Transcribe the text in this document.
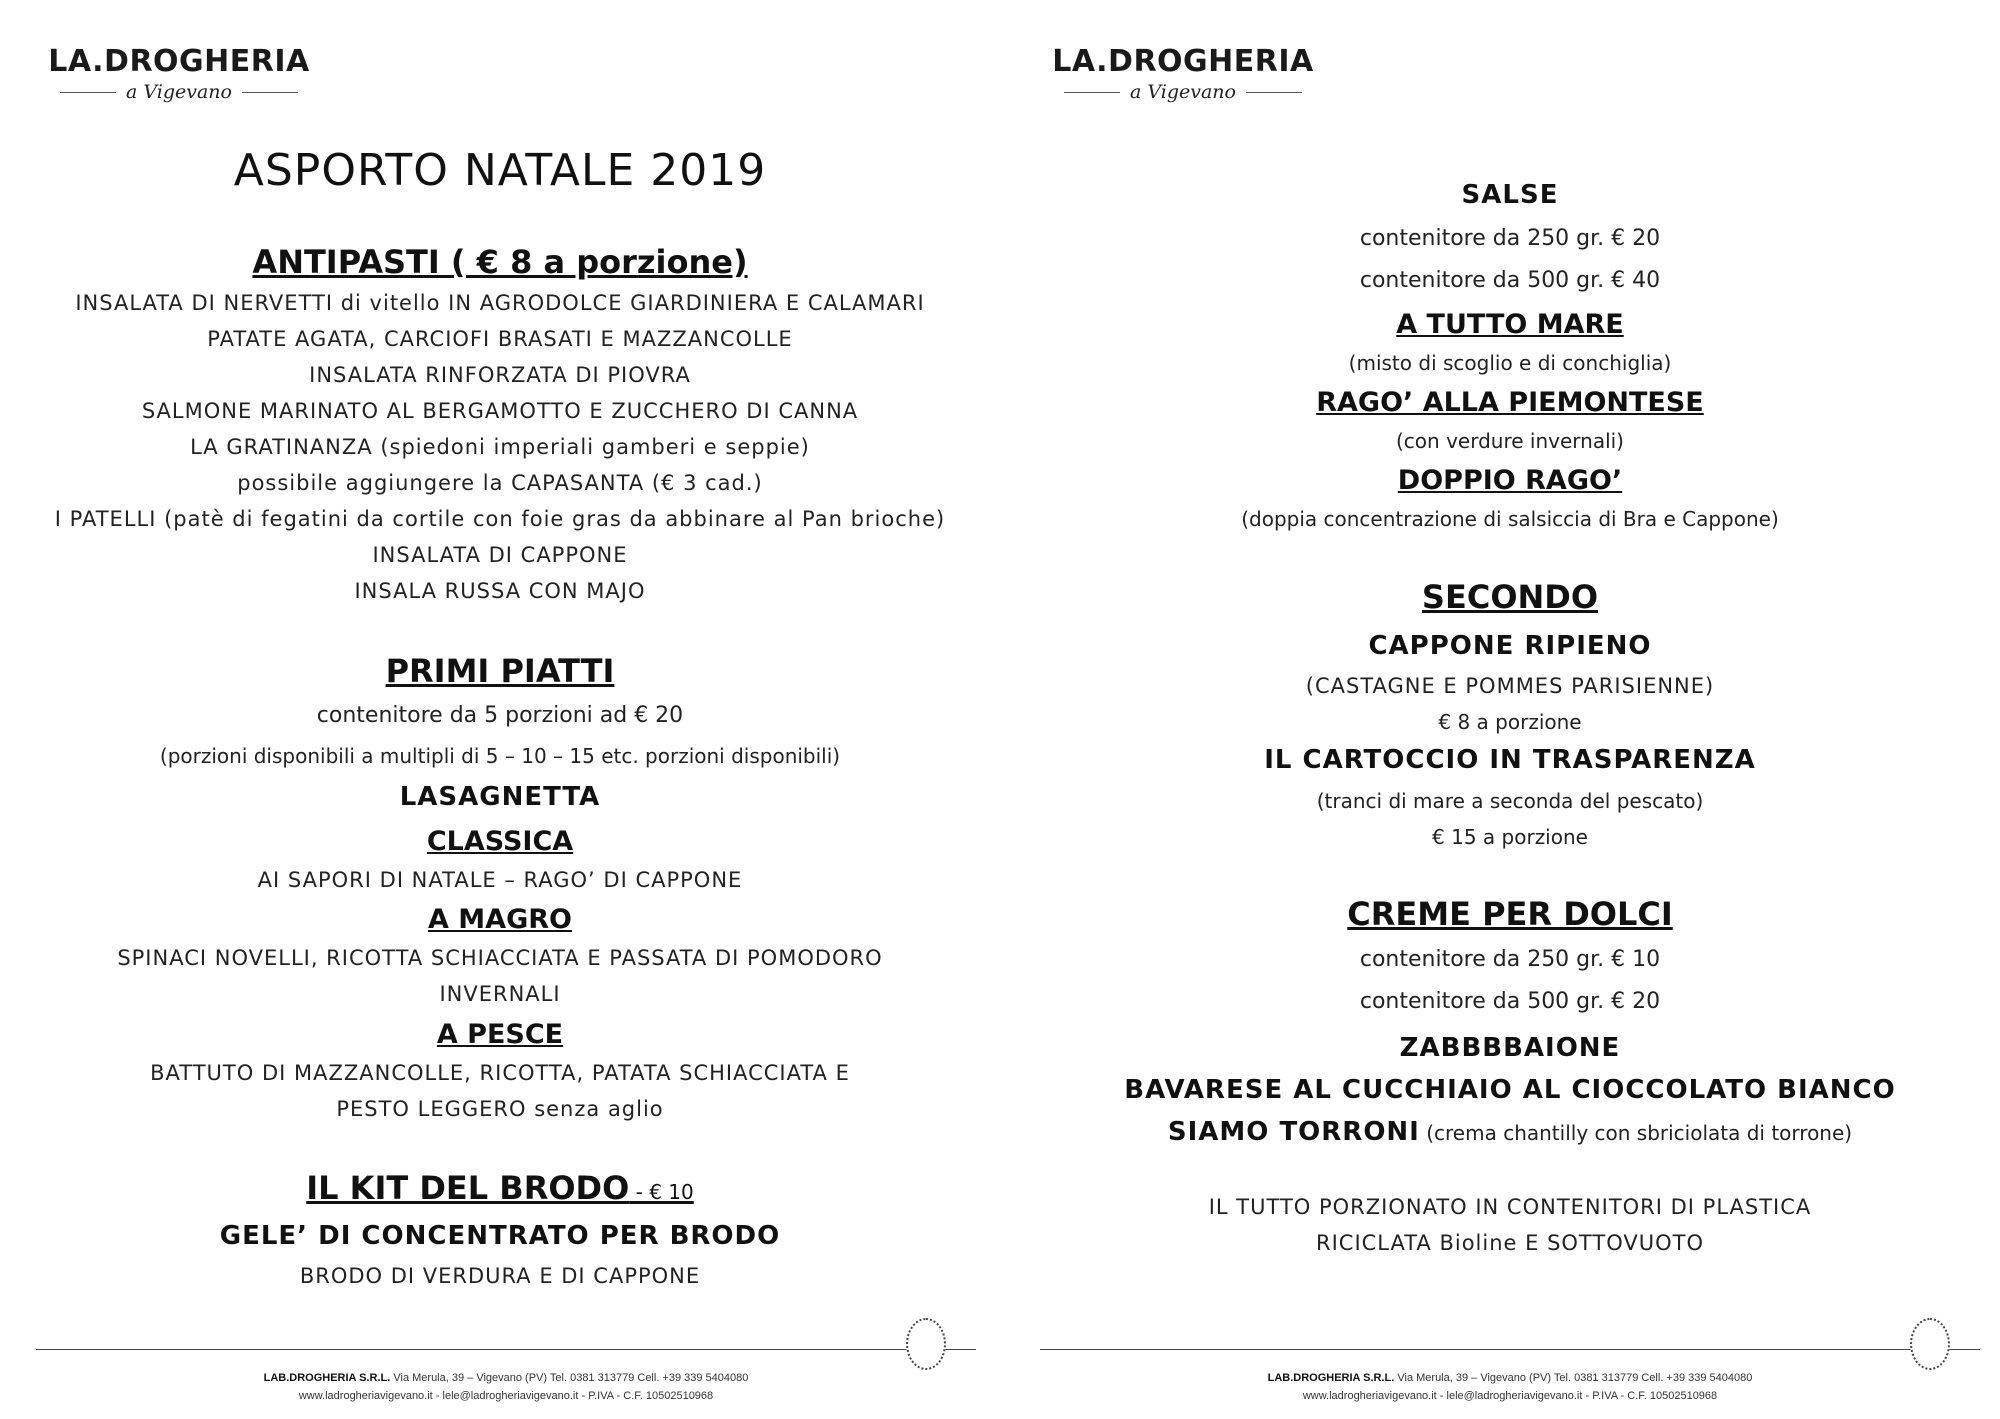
LA.DROGHERIA
a Vigevano
ASPORTO NATALE 2019
ANTIPASTI ( € 8 a porzione)
INSALATA DI NERVETTI di vitello IN AGRODOLCE GIARDINIERA E CALAMARI
PATATE AGATA, CARCIOFI BRASATI E MAZZANCOLLE
INSALATA RINFORZATA DI PIOVRA
SALMONE MARINATO AL BERGAMOTTO E ZUCCHERO DI CANNA
LA GRATINANZA (spiedoni imperiali gamberi e seppie)
possibile aggiungere la CAPASANTA (€ 3 cad.)
I PATELLI (patè di fegatini da cortile con foie gras da abbinare al Pan brioche)
INSALATA DI CAPPONE
INSALA RUSSA CON MAJO
PRIMI PIATTI
contenitore da 5 porzioni ad € 20
(porzioni disponibili a multipli di 5 – 10 – 15 etc. porzioni disponibili)
LASAGNETTA
CLASSICA
AI SAPORI DI NATALE – RAGO’ DI CAPPONE
A MAGRO
SPINACI NOVELLI, RICOTTA SCHIACCIATA E PASSATA DI POMODORO
INVERNALI
A PESCE
BATTUTO DI MAZZANCOLLE, RICOTTA, PATATA SCHIACCIATA E
PESTO LEGGERO senza aglio
IL KIT DEL BRODO - € 10
GELE’ DI CONCENTRATO PER BRODO
BRODO DI VERDURA E DI CAPPONE
LAB.DROGHERIA S.R.L. Via Merula, 39 – Vigevano (PV) Tel. 0381 313779 Cell. +39 339 5404080
www.ladrogheriavigevano.it - lele@ladrogheriavigevano.it - P.IVA - C.F. 10502510968
LA.DROGHERIA
a Vigevano
SALSE
contenitore da 250 gr. € 20
contenitore da 500 gr. € 40
A TUTTO MARE
(misto di scoglio e di conchiglia)
RAGO’ ALLA PIEMONTESE
(con verdure invernali)
DOPPIO RAGO’
(doppia concentrazione di salsiccia di Bra e Cappone)
SECONDO
CAPPONE RIPIENO
(CASTAGNE E POMMES PARISIENNE)
€ 8 a porzione
IL CARTOCCIO IN TRASPARENZA
(tranci di mare a seconda del pescato)
€ 15 a porzione
CREME PER DOLCI
contenitore da 250 gr. € 10
contenitore da 500 gr. € 20
ZABBBBAIONE
BAVARESE AL CUCCHIAIO AL CIOCCOLATO BIANCO
SIAMO TORRONI (crema chantilly con sbriciolata di torrone)
IL TUTTO PORZIONATO IN CONTENITORI DI PLASTICA
RICICLATA Bioline E SOTTOVUOTO
LAB.DROGHERIA S.R.L. Via Merula, 39 – Vigevano (PV) Tel. 0381 313779 Cell. +39 339 5404080
www.ladrogheriavigevano.it - lele@ladrogheriavigevano.it - P.IVA - C.F. 10502510968
